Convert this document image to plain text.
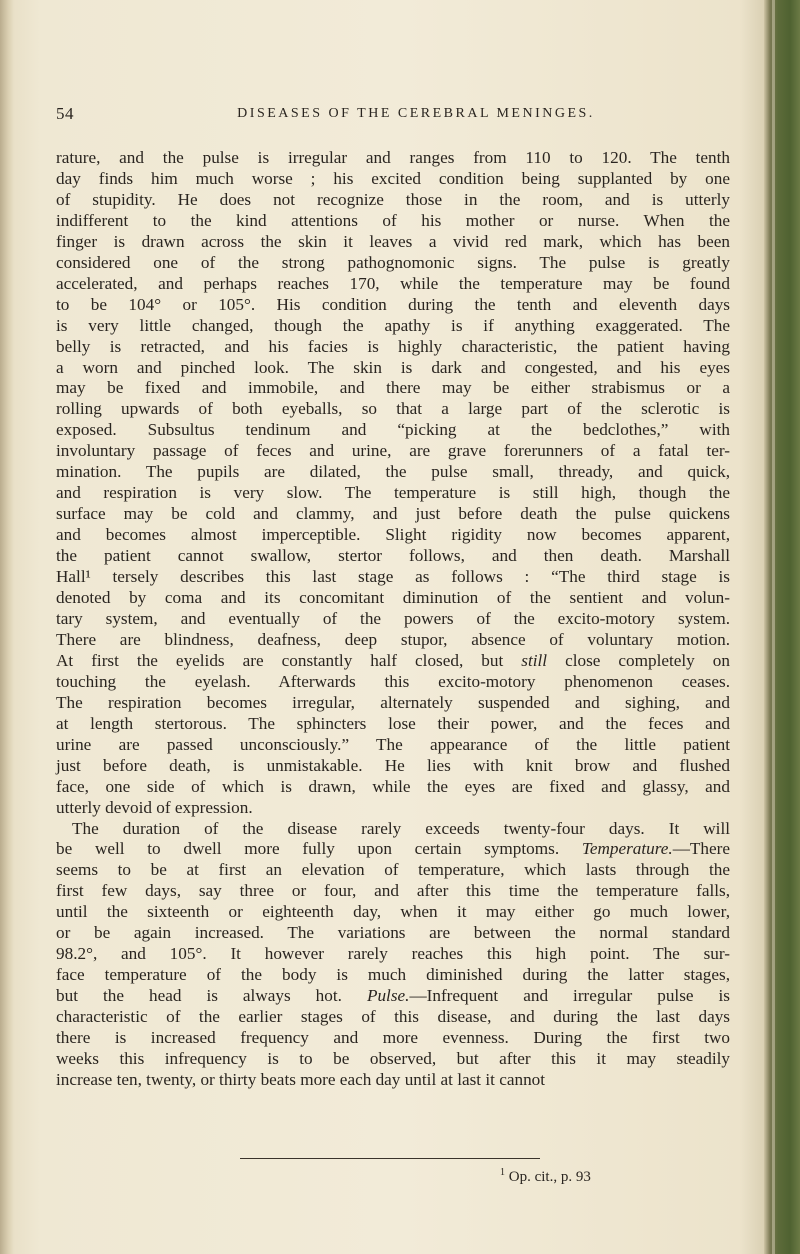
54	DISEASES OF THE CEREBRAL MENINGES.
rature, and the pulse is irregular and ranges from 110 to 120. The tenth
day finds him much worse ; his excited condition being supplanted by one
of stupidity. He does not recognize those in the room, and is utterly
indifferent to the kind attentions of his mother or nurse. When the
finger is drawn across the skin it leaves a vivid red mark, which has been
considered one of the strong pathognomonic signs. The pulse is greatly
accelerated, and perhaps reaches 170, while the temperature may be found
to be 104° or 105°. His condition during the tenth and eleventh days
is very little changed, though the apathy is if anything exaggerated. The
belly is retracted, and his facies is highly characteristic, the patient having
a worn and pinched look. The skin is dark and congested, and his eyes
may be fixed and immobile, and there may be either strabismus or a
rolling upwards of both eyeballs, so that a large part of the sclerotic is
exposed. Subsultus tendinum and “picking at the bedclothes,” with
involuntary passage of feces and urine, are grave forerunners of a fatal ter-
mination. The pupils are dilated, the pulse small, thready, and quick,
and respiration is very slow. The temperature is still high, though the
surface may be cold and clammy, and just before death the pulse quickens
and becomes almost imperceptible. Slight rigidity now becomes apparent,
the patient cannot swallow, stertor follows, and then death. Marshall
Hall¹ tersely describes this last stage as follows : “The third stage is
denoted by coma and its concomitant diminution of the sentient and volun-
tary system, and eventually of the powers of the excito-motory system.
There are blindness, deafness, deep stupor, absence of voluntary motion.
At first the eyelids are constantly half closed, but still close completely on
touching the eyelash. Afterwards this excito-motory phenomenon ceases.
The respiration becomes irregular, alternately suspended and sighing, and
at length stertorous. The sphincters lose their power, and the feces and
urine are passed unconsciously.” The appearance of the little patient
just before death, is unmistakable. He lies with knit brow and flushed
face, one side of which is drawn, while the eyes are fixed and glassy, and
utterly devoid of expression.
The duration of the disease rarely exceeds twenty-four days. It will
be well to dwell more fully upon certain symptoms. Temperature.—There
seems to be at first an elevation of temperature, which lasts through the
first few days, say three or four, and after this time the temperature falls,
until the sixteenth or eighteenth day, when it may either go much lower,
or be again increased. The variations are between the normal standard
98.2°, and 105°. It however rarely reaches this high point. The sur-
face temperature of the body is much diminished during the latter stages,
but the head is always hot. Pulse.—Infrequent and irregular pulse is
characteristic of the earlier stages of this disease, and during the last days
there is increased frequency and more evenness. During the first two
weeks this infrequency is to be observed, but after this it may steadily
increase ten, twenty, or thirty beats more each day until at last it cannot
$^1$ Op. cit., p. 93
